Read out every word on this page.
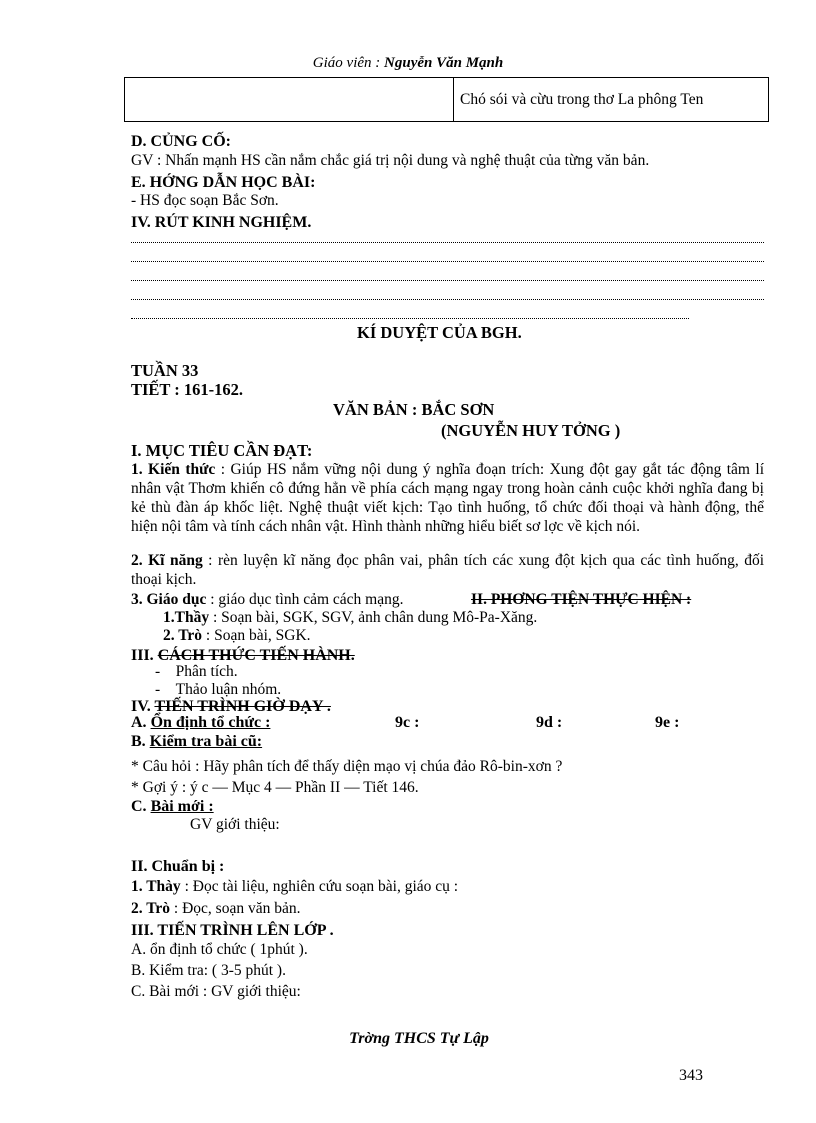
Giáo viên : Nguyễn Văn Mạnh
	Chó sói và cừu trong thơ La phông Ten
D. CỦNG CỐ:
GV : Nhấn mạnh HS cần nắm chắc giá trị nội dung và nghệ thuật của từng văn bản.
E. HỚNG DẪN HỌC BÀI:
- HS đọc soạn Bắc Sơn.
IV. RÚT KINH NGHIỆM.
KÍ DUYỆT CỦA BGH.
TUẦN 33
TIẾT : 161-162.
VĂN BẢN : BẮC SƠN
(NGUYỄN HUY TỞNG )
I. MỤC TIÊU CẦN ĐẠT:
1. Kiến thức : Giúp HS nắm vững nội dung ý nghĩa đoạn trích: Xung đột gay gắt tác động tâm lí nhân vật Thơm khiến cô đứng hẳn về phía cách mạng ngay trong hoàn cảnh cuộc khởi nghĩa đang bị kẻ thù đàn áp khốc liệt. Nghệ thuật viết kịch: Tạo tình huống, tổ chức đối thoại và hành động, thể hiện nội tâm và tính cách nhân vật. Hình thành những hiểu biết sơ lợc về kịch nói.
2. Kĩ năng : rèn luyện kĩ năng đọc phân vai, phân tích các xung đột kịch qua các tình huống, đối thoại kịch.
3. Giáo dục : giáo dục tình cảm cách mạng.	II. PHƠNG TIỆN THỰC HIỆN :
1.Thầy : Soạn bài, SGK, SGV, ảnh chân dung Mô-Pa-Xăng.
2. Trò : Soạn bài, SGK.
III. CÁCH THỨC TIẾN HÀNH.
-    Phân tích.
-    Thảo luận nhóm.
IV. TIẾN TRÌNH GIỜ DẠY .
A. Ổn định tổ chức :	9c :	9d :	9e :
B. Kiểm tra bài cũ:
* Câu hỏi : Hãy phân tích để thấy diện mạo vị chúa đảo Rô-bin-xơn ?
* Gợi ý : ý c — Mục 4 — Phần II — Tiết 146.
C. Bài mới :
GV giới thiệu:
II. Chuẩn bị :
1. Thày : Đọc tài liệu, nghiên cứu soạn bài, giáo cụ :
2. Trò : Đọc, soạn văn bản.
III. TIẾN TRÌNH LÊN LỚP .
A. ổn định tổ chức ( 1phút ).
B. Kiểm tra: ( 3-5 phút ).
C. Bài mới : GV giới thiệu:
Trờng THCS Tự Lập
343
